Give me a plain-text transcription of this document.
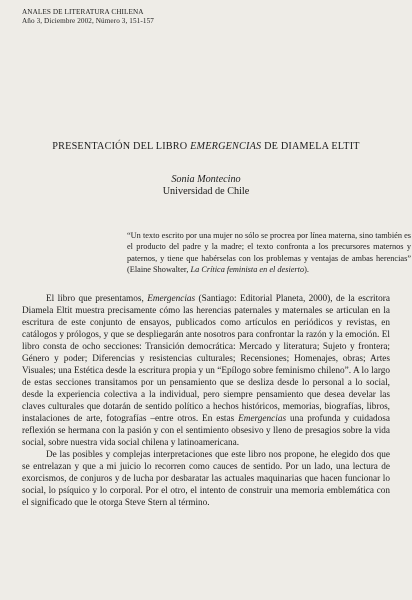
ANALES DE LITERATURA CHILENA
Año 3, Diciembre 2002, Número 3, 151-157
PRESENTACIÓN DEL LIBRO EMERGENCIAS DE DIAMELA ELTIT
Sonia Montecino
Universidad de Chile
“Un texto escrito por una mujer no sólo se procrea por línea materna, sino también es el producto del padre y la madre; el texto confronta a los precursores maternos y paternos, y tiene que habérselas con los problemas y ventajas de ambas herencias” (Elaine Showalter, La Crítica feminista en el desierto).

El libro que presentamos, Emergencias (Santiago: Editorial Planeta, 2000), de la escritora Diamela Eltit muestra precisamente cómo las herencias paternales y maternales se articulan en la escritura de este conjunto de ensayos, publicados como artículos en periódicos y revistas, en catálogos y prólogos, y que se despliegarán ante nosotros para confrontar la razón y la emoción. El libro consta de ocho secciones: Transición democrática: Mercado y literatura; Sujeto y frontera; Género y poder; Diferencias y resistencias culturales; Recensiones; Homenajes, obras; Artes Visuales; una Estética desde la escritura propia y un “Epílogo sobre feminismo chileno”. A lo largo de estas secciones transitamos por un pensamiento que se desliza desde lo personal a lo social, desde la experiencia colectiva a la individual, pero siempre pensamiento que desea develar las claves culturales que dotarán de sentido político a hechos históricos, memorias, biografías, libros, instalaciones de arte, fotografías –entre otros. En estas Emergencias una profunda y cuidadosa reflexión se hermana con la pasión y con el sentimiento obsesivo y lleno de presagios sobre la vida social, sobre nuestra vida social chilena y latinoamericana.

De las posibles y complejas interpretaciones que este libro nos propone, he elegido dos que se entrelazan y que a mi juicio lo recorren como cauces de sentido. Por un lado, una lectura de exorcismos, de conjuros y de lucha por desbaratar las actuales maquinarias que hacen funcionar lo social, lo psíquico y lo corporal. Por el otro, el intento de construir una memoria emblemática con el significado que le otorga Steve Stern al término.
